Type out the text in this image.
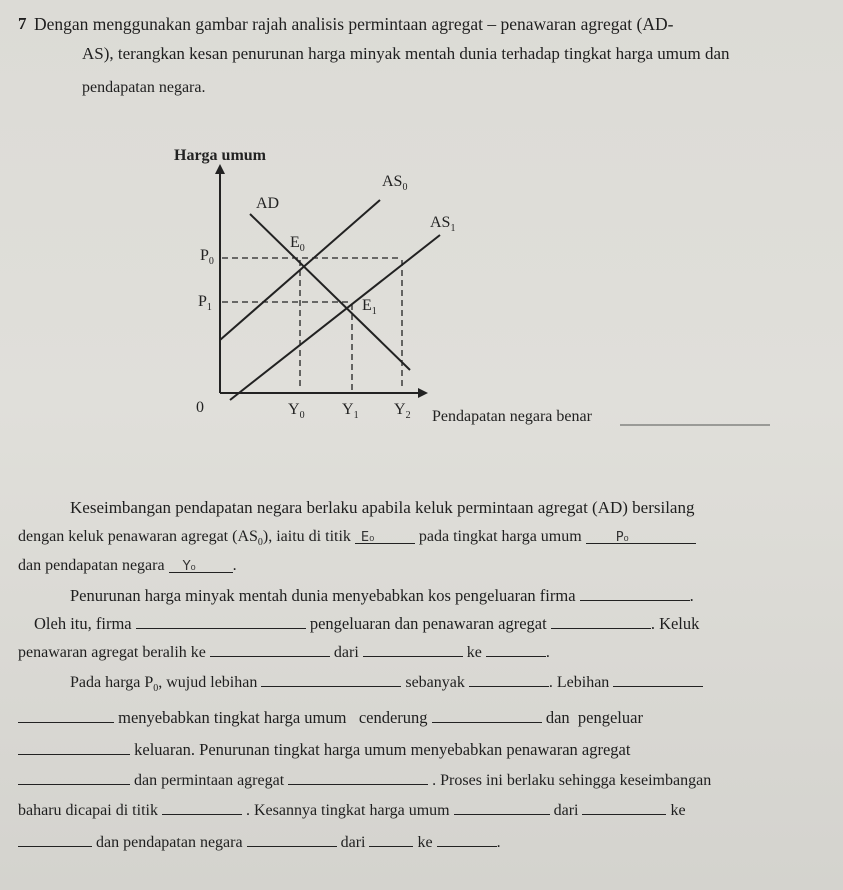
7 Dengan menggunakan gambar rajah analisis permintaan agregat – penawaran agregat (AD-
AS), terangkan kesan penurunan harga minyak mentah dunia terhadap tingkat harga umum dan
pendapatan negara.
Harga umum
0
Pendapatan negara benar
$AS_0$
AD
$AS_1$
$E_0$
$E_1$
$P_0$
$P_1$
$Y_0$ $Y_1$ $Y_2$
Keseimbangan pendapatan negara berlaku apabila keluk permintaan agregat (AD) bersilang
dengan keluk penawaran agregat $(AS_0)$, iaitu di titik E₀	pada tingkat harga umum	P₀
dan pendapatan negara Y₀ .
Penurunan harga minyak mentah dunia menyebabkan kos pengeluaran firma	.
Oleh itu, firma	pengeluaran dan penawaran agregat	. Keluk
penawaran agregat beralih ke	dari	ke	.
Pada harga $P_0$, wujud lebihan	sebanyak	. Lebihan
menyebabkan tingkat harga umum   cenderung	dan  pengeluar
keluaran. Penurunan tingkat harga umum menyebabkan penawaran agregat
dan permintaan agregat	. Proses ini berlaku sehingga keseimbangan
baharu dicapai di titik	. Kesannya tingkat harga umum	dari	ke
dan pendapatan negara	dari	ke	.
